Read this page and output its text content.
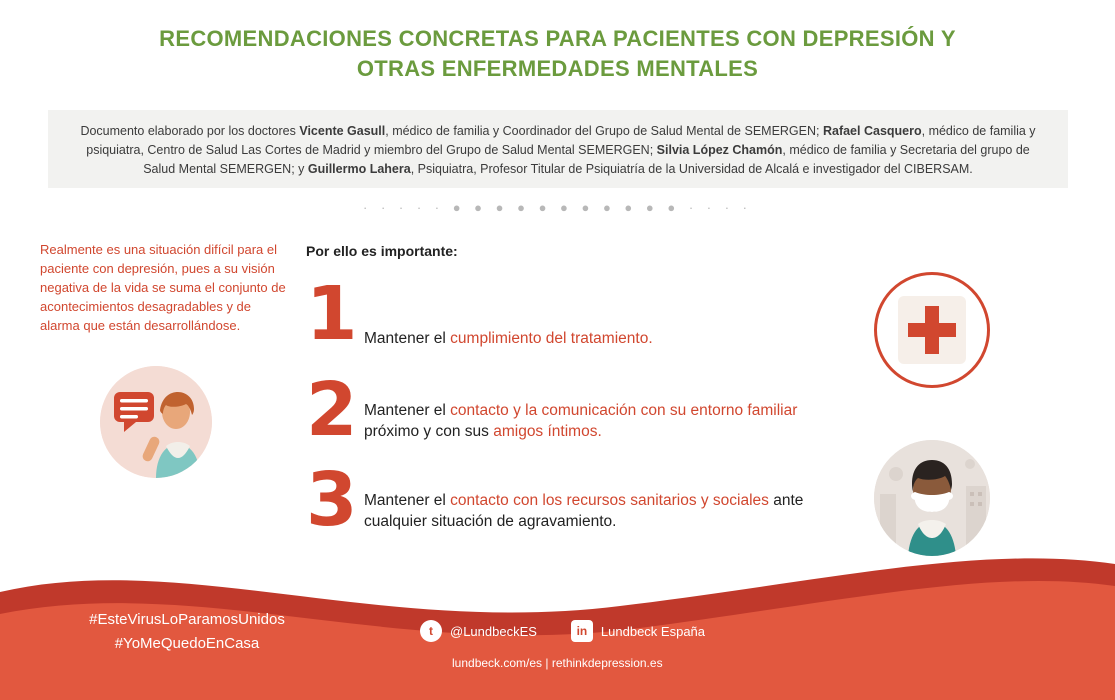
RECOMENDACIONES CONCRETAS PARA PACIENTES CON DEPRESIÓN Y
OTRAS ENFERMEDADES MENTALES
Documento elaborado por los doctores Vicente Gasull, médico de familia y Coordinador del Grupo de Salud Mental de SEMERGEN; Rafael Casquero, médico de familia y psiquiatra, Centro de Salud Las Cortes de Madrid y miembro del Grupo de Salud Mental SEMERGEN; Silvia López Chamón, médico de familia y Secretaria del grupo de Salud Mental SEMERGEN; y Guillermo Lahera, Psiquiatra, Profesor Titular de Psiquiatría de la Universidad de Alcalá e investigador del CIBERSAM.
· · · · · ● ● ● ● ● ● ● ● ● ● ● · · · ·
Realmente es una situación difícil para el paciente con depresión, pues a su visión negativa de la vida se suma el conjunto de acontecimientos desagradables y de alarma que están desarrollándose.
Por ello es importante:
1 Mantener el cumplimiento del tratamiento.
2 Mantener el contacto y la comunicación con su entorno familiar próximo y con sus amigos íntimos.
3 Mantener el contacto con los recursos sanitarios y sociales ante cualquier situación de agravamiento.
#EsteVirusLoParamosUnidos
#YoMeQuedoEnCasa
t	@LundbeckES	in	Lundbeck España
lundbeck.com/es | rethinkdepression.es
